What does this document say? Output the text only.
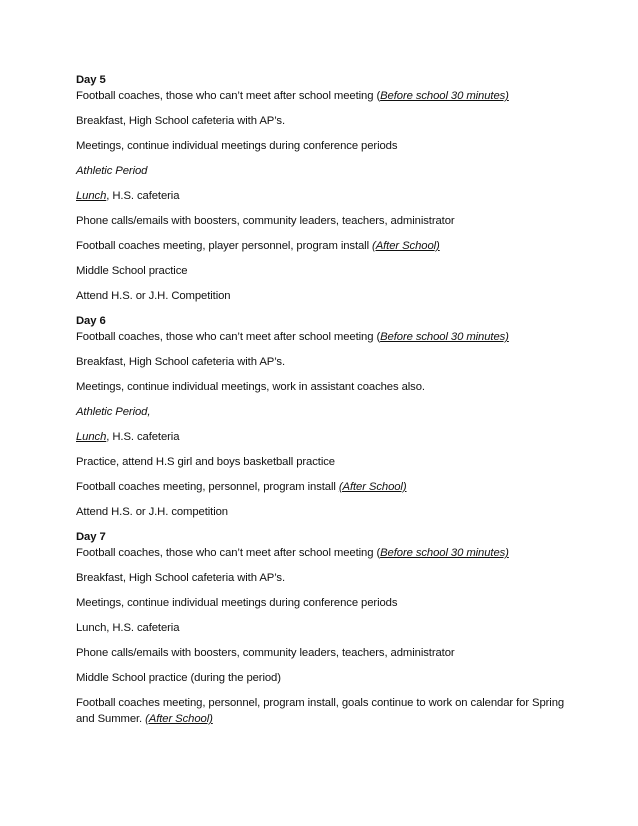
Day 5

Football coaches, those who can’t meet after school meeting (Before school 30 minutes)

Breakfast, High School cafeteria with AP’s.

Meetings, continue individual meetings during conference periods

Athletic Period

Lunch, H.S. cafeteria

Phone calls/emails with boosters, community leaders, teachers, administrator

Football coaches meeting, player personnel, program install (After School)

Middle School practice

Attend H.S. or J.H. Competition

Day 6

Football coaches, those who can’t meet after school meeting (Before school 30 minutes)

Breakfast, High School cafeteria with AP’s.

Meetings, continue individual meetings, work in assistant coaches also.

Athletic Period,

Lunch, H.S. cafeteria

Practice, attend H.S girl and boys basketball practice

Football coaches meeting, personnel, program install (After School)

Attend H.S. or J.H. competition

Day 7

Football coaches, those who can’t meet after school meeting (Before school 30 minutes)

Breakfast, High School cafeteria with AP’s.

Meetings, continue individual meetings during conference periods

Lunch, H.S. cafeteria

Phone calls/emails with boosters, community leaders, teachers, administrator

Middle School practice (during the period)

Football coaches meeting, personnel, program install, goals continue to work on calendar for Spring and Summer. (After School)
